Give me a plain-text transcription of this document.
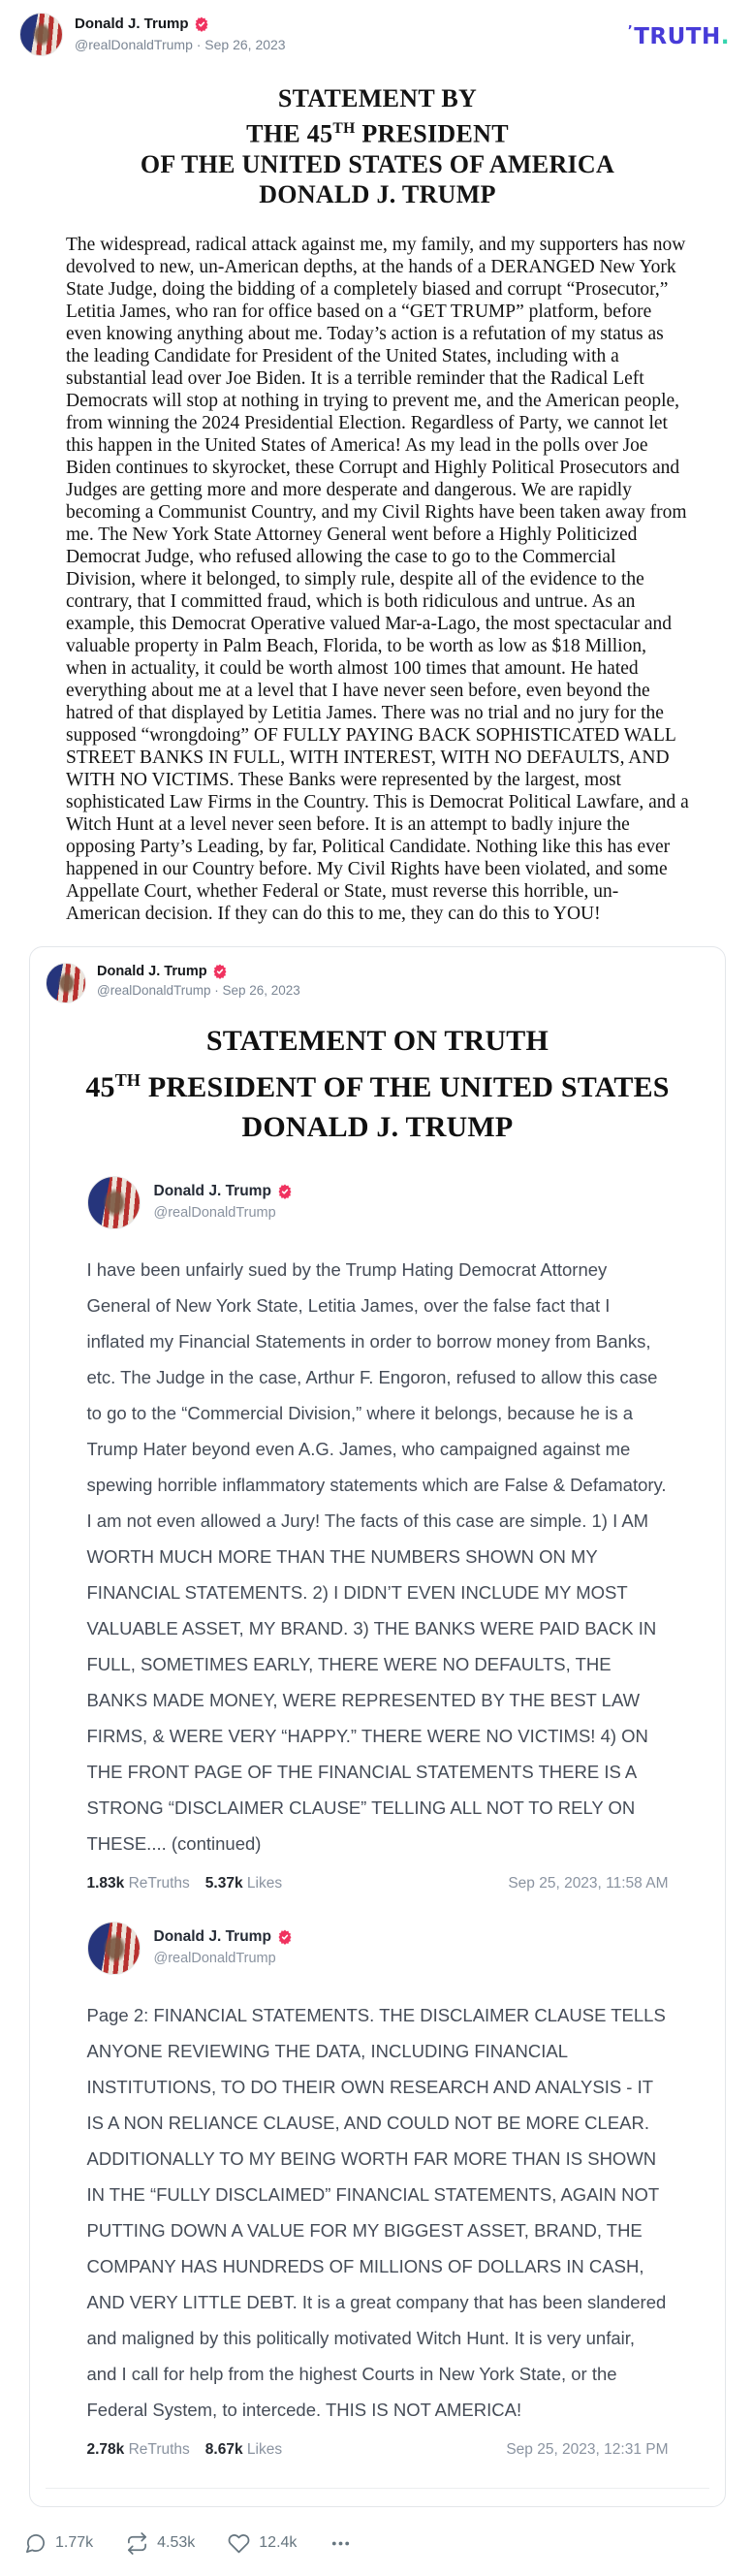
Donald J. Trump
@realDonaldTrump · Sep 26, 2023
’TRUTH.
STATEMENT BY
THE 45TH PRESIDENT
OF THE UNITED STATES OF AMERICA
DONALD J. TRUMP

The widespread, radical attack against me, my family, and my supporters has now devolved to new, un-American depths, at the hands of a DERANGED New York State Judge, doing the bidding of a completely biased and corrupt “Prosecutor,” Letitia James, who ran for office based on a “GET TRUMP” platform, before even knowing anything about me. Today’s action is a refutation of my status as the leading Candidate for President of the United States, including with a substantial lead over Joe Biden. It is a terrible reminder that the Radical Left Democrats will stop at nothing in trying to prevent me, and the American people, from winning the 2024 Presidential Election. Regardless of Party, we cannot let this happen in the United States of America! As my lead in the polls over Joe Biden continues to skyrocket, these Corrupt and Highly Political Prosecutors and Judges are getting more and more desperate and dangerous. We are rapidly becoming a Communist Country, and my Civil Rights have been taken away from me. The New York State Attorney General went before a Highly Politicized Democrat Judge, who refused allowing the case to go to the Commercial Division, where it belonged, to simply rule, despite all of the evidence to the contrary, that I committed fraud, which is both ridiculous and untrue. As an example, this Democrat Operative valued Mar-a-Lago, the most spectacular and valuable property in Palm Beach, Florida, to be worth as low as $18 Million, when in actuality, it could be worth almost 100 times that amount. He hated everything about me at a level that I have never seen before, even beyond the hatred of that displayed by Letitia James. There was no trial and no jury for the supposed “wrongdoing” OF FULLY PAYING BACK SOPHISTICATED WALL STREET BANKS IN FULL, WITH INTEREST, WITH NO DEFAULTS, AND WITH NO VICTIMS. These Banks were represented by the largest, most sophisticated Law Firms in the Country. This is Democrat Political Lawfare, and a Witch Hunt at a level never seen before. It is an attempt to badly injure the opposing Party’s Leading, by far, Political Candidate. Nothing like this has ever happened in our Country before. My Civil Rights have been violated, and some Appellate Court, whether Federal or State, must reverse this horrible, un-American decision. If they can do this to me, they can do this to YOU!

Donald J. Trump
@realDonaldTrump · Sep 26, 2023
STATEMENT ON TRUTH
45TH PRESIDENT OF THE UNITED STATES
DONALD J. TRUMP
Donald J. Trump
@realDonaldTrump
I have been unfairly sued by the Trump Hating Democrat Attorney General of New York State, Letitia James, over the false fact that I inflated my Financial Statements in order to borrow money from Banks, etc. The Judge in the case, Arthur F. Engoron, refused to allow this case to go to the “Commercial Division,” where it belongs, because he is a Trump Hater beyond even A.G. James, who campaigned against me spewing horrible inflammatory statements which are False & Defamatory. I am not even allowed a Jury! The facts of this case are simple. 1) I AM WORTH MUCH MORE THAN THE NUMBERS SHOWN ON MY FINANCIAL STATEMENTS. 2) I DIDN’T EVEN INCLUDE MY MOST VALUABLE ASSET, MY BRAND. 3) THE BANKS WERE PAID BACK IN FULL, SOMETIMES EARLY, THERE WERE NO DEFAULTS, THE BANKS MADE MONEY, WERE REPRESENTED BY THE BEST LAW FIRMS, & WERE VERY “HAPPY.” THERE WERE NO VICTIMS! 4) ON THE FRONT PAGE OF THE FINANCIAL STATEMENTS THERE IS A STRONG “DISCLAIMER CLAUSE” TELLING ALL NOT TO RELY ON THESE.... (continued)
1.83k ReTruths 5.37k Likes	Sep 25, 2023, 11:58 AM
Donald J. Trump
@realDonaldTrump
Page 2: FINANCIAL STATEMENTS. THE DISCLAIMER CLAUSE TELLS ANYONE REVIEWING THE DATA, INCLUDING FINANCIAL INSTITUTIONS, TO DO THEIR OWN RESEARCH AND ANALYSIS - IT IS A NON RELIANCE CLAUSE, AND COULD NOT BE MORE CLEAR. ADDITIONALLY TO MY BEING WORTH FAR MORE THAN IS SHOWN IN THE “FULLY DISCLAIMED” FINANCIAL STATEMENTS, AGAIN NOT PUTTING DOWN A VALUE FOR MY BIGGEST ASSET, BRAND, THE COMPANY HAS HUNDREDS OF MILLIONS OF DOLLARS IN CASH, AND VERY LITTLE DEBT. It is a great company that has been slandered and maligned by this politically motivated Witch Hunt. It is very unfair, and I call for help from the highest Courts in New York State, or the Federal System, to intercede. THIS IS NOT AMERICA!
2.78k ReTruths 8.67k Likes	Sep 25, 2023, 12:31 PM
1.77k	4.53k	12.4k
